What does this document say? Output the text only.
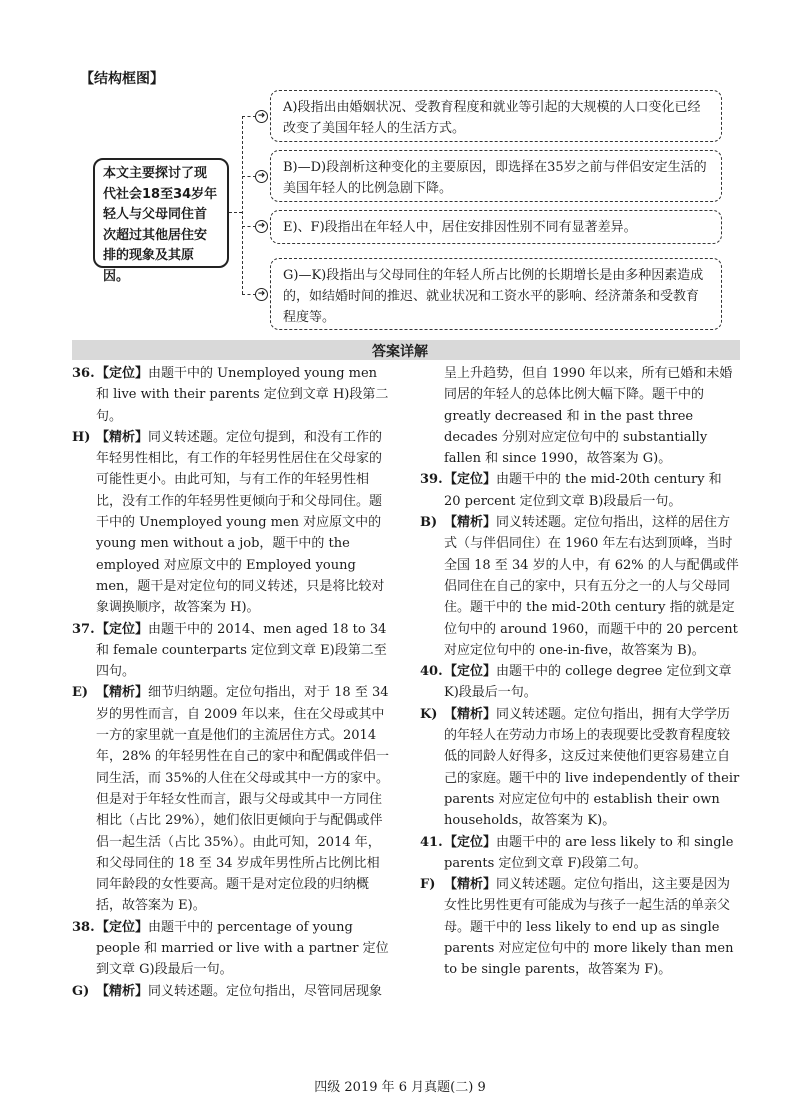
【结构框图】
本文主要探讨了现代社会18至34岁年轻人与父母同住首次超过其他居住安排的现象及其原因。
➜
➜
➜
➜
A)段指出由婚姻状况、受教育程度和就业等引起的大规模的人口变化已经改变了美国年轻人的生活方式。
B)—D)段剖析这种变化的主要原因，即选择在35岁之前与伴侣安定生活的美国年轻人的比例急剧下降。
E)、F)段指出在年轻人中，居住安排因性别不同有显著差异。
G)—K)段指出与父母同住的年轻人所占比例的长期增长是由多种因素造成的，如结婚时间的推迟、就业状况和工资水平的影响、经济萧条和受教育程度等。
答案详解

36. 【定位】由题干中的 Unemployed young men 和 live with their parents 定位到文章 H)段第二句。

H) 【精析】同义转述题。定位句提到，和没有工作的年轻男性相比，有工作的年轻男性居住在父母家的可能性更小。由此可知，与有工作的年轻男性相比，没有工作的年轻男性更倾向于和父母同住。题干中的 Unemployed young men 对应原文中的 young men without a job，题干中的 the employed 对应原文中的 Employed young men，题干是对定位句的同义转述，只是将比较对象调换顺序，故答案为 H)。

37. 【定位】由题干中的 2014、men aged 18 to 34 和 female counterparts 定位到文章 E)段第二至四句。

E) 【精析】细节归纳题。定位句指出，对于 18 至 34 岁的男性而言，自 2009 年以来，住在父母或其中一方的家里就一直是他们的主流居住方式。2014 年，28% 的年轻男性在自己的家中和配偶或伴侣一同生活，而 35%的人住在父母或其中一方的家中。但是对于年轻女性而言，跟与父母或其中一方同住相比（占比 29%），她们依旧更倾向于与配偶或伴侣一起生活（占比 35%）。由此可知，2014 年，和父母同住的 18 至 34 岁成年男性所占比例比相同年龄段的女性要高。题干是对定位段的归纳概括，故答案为 E)。

38. 【定位】由题干中的 percentage of young people 和 married or live with a partner 定位到文章 G)段最后一句。

G) 【精析】同义转述题。定位句指出，尽管同居现象

呈上升趋势，但自 1990 年以来，所有已婚和未婚同居的年轻人的总体比例大幅下降。题干中的 greatly decreased 和 in the past three decades 分别对应定位句中的 substantially fallen 和 since 1990，故答案为 G)。

39. 【定位】由题干中的 the mid-20th century 和 20 percent 定位到文章 B)段最后一句。

B) 【精析】同义转述题。定位句指出，这样的居住方式（与伴侣同住）在 1960 年左右达到顶峰，当时全国 18 至 34 岁的人中，有 62% 的人与配偶或伴侣同住在自己的家中，只有五分之一的人与父母同住。题干中的 the mid-20th century 指的就是定位句中的 around 1960，而题干中的 20 percent 对应定位句中的 one-in-five，故答案为 B)。

40. 【定位】由题干中的 college degree 定位到文章 K)段最后一句。

K) 【精析】同义转述题。定位句指出，拥有大学学历的年轻人在劳动力市场上的表现要比受教育程度较低的同龄人好得多，这反过来使他们更容易建立自己的家庭。题干中的 live independently of their parents 对应定位句中的 establish their own households，故答案为 K)。

41. 【定位】由题干中的 are less likely to 和 single parents 定位到文章 F)段第二句。

F) 【精析】同义转述题。定位句指出，这主要是因为女性比男性更有可能成为与孩子一起生活的单亲父母。题干中的 less likely to end up as single parents 对应定位句中的 more likely than men to be single parents，故答案为 F)。

四级 2019 年 6 月真题(二) 9
